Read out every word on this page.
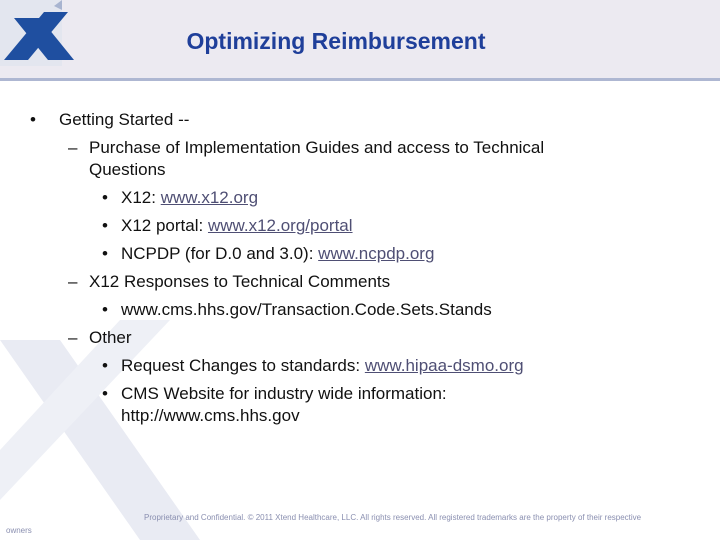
Optimizing Reimbursement
• Getting Started --
– Purchase of Implementation Guides and access to Technical
Questions
• X12: www.x12.org
• X12 portal: www.x12.org/portal
• NCPDP (for D.0 and 3.0): www.ncpdp.org
– X12 Responses to Technical Comments
• www.cms.hhs.gov/Transaction.Code.Sets.Stands
– Other
• Request Changes to standards: www.hipaa-dsmo.org
• CMS Website for industry wide information:
http://www.cms.hhs.gov
Proprietary and Confidential. © 2011 Xtend Healthcare, LLC. All rights reserved. All registered trademarks are the property of their respective
owners
